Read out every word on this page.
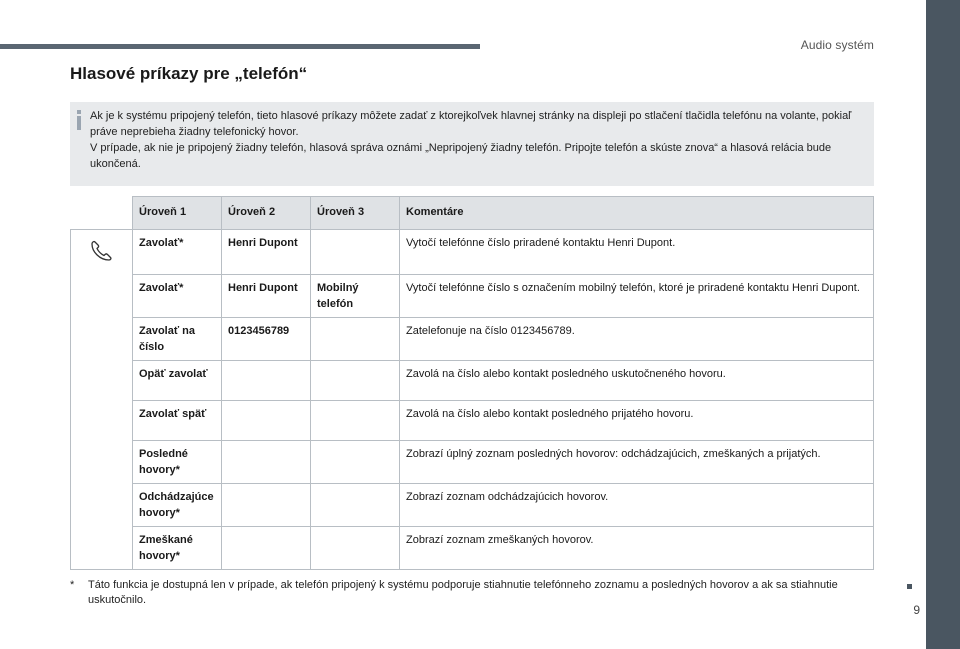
Audio systém
9
Hlasové príkazy pre „telefón“

Ak je k systému pripojený telefón, tieto hlasové príkazy môžete zadať z ktorejkoľvek hlavnej stránky na displeji po stlačení tlačidla telefónu na volante, pokiaľ práve neprebieha žiadny telefonický hovor.

V prípade, ak nie je pripojený žiadny telefón, hlasová správa oznámi „Nepripojený žiadny telefón. Pripojte telefón a skúste znova“ a hlasová relácia bude ukončená.

	Úroveň 1	Úroveň 2	Úroveň 3	Komentáre
	Zavolať*	Henri Dupont		Vytočí telefónne číslo priradené kontaktu Henri Dupont.
	Zavolať*	Henri Dupont	Mobilný telefón	Vytočí telefónne číslo s označením mobilný telefón, ktoré je priradené kontaktu Henri Dupont.
	Zavolať na číslo	0123456789		Zatelefonuje na číslo 0123456789.
	Opäť zavolať			Zavolá na číslo alebo kontakt posledného uskutočneného hovoru.
	Zavolať späť			Zavolá na číslo alebo kontakt posledného prijatého hovoru.
	Posledné hovory*			Zobrazí úplný zoznam posledných hovorov: odchádzajúcich, zmeškaných a prijatých.
	Odchádzajúce hovory*			Zobrazí zoznam odchádzajúcich hovorov.
	Zmeškané hovory*			Zobrazí zoznam zmeškaných hovorov.
* Táto funkcia je dostupná len v prípade, ak telefón pripojený k systému podporuje stiahnutie telefónneho zoznamu a posledných hovorov a ak sa stiahnutie uskutočnilo.
